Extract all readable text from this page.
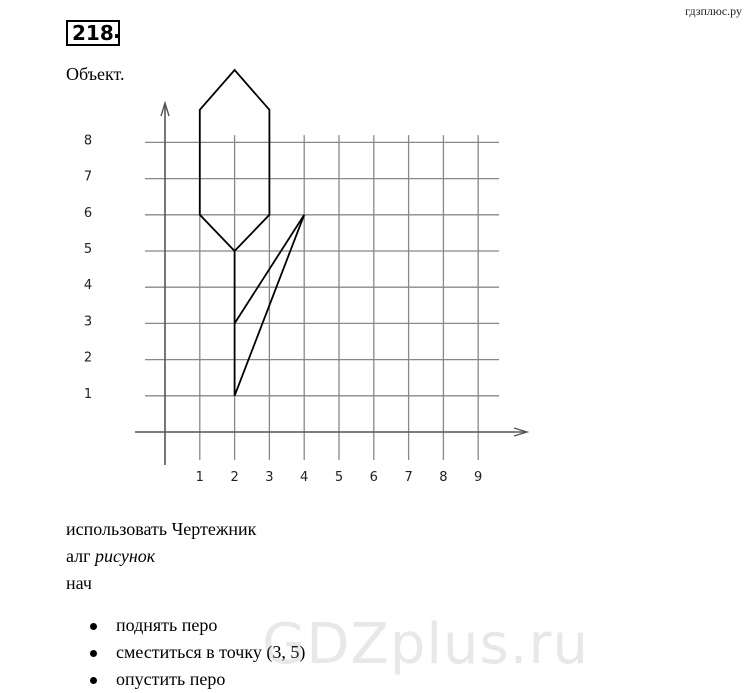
гдзплюс.ру
218 .
Объект.
1 2 3 4 5 6 7 8 9
1
2
3
4
5
6
7
8
использовать Чертежник
алг рисунок
нач
поднять перо
сместиться в точку (3, 5)
опустить перо
GDZplus.ru
